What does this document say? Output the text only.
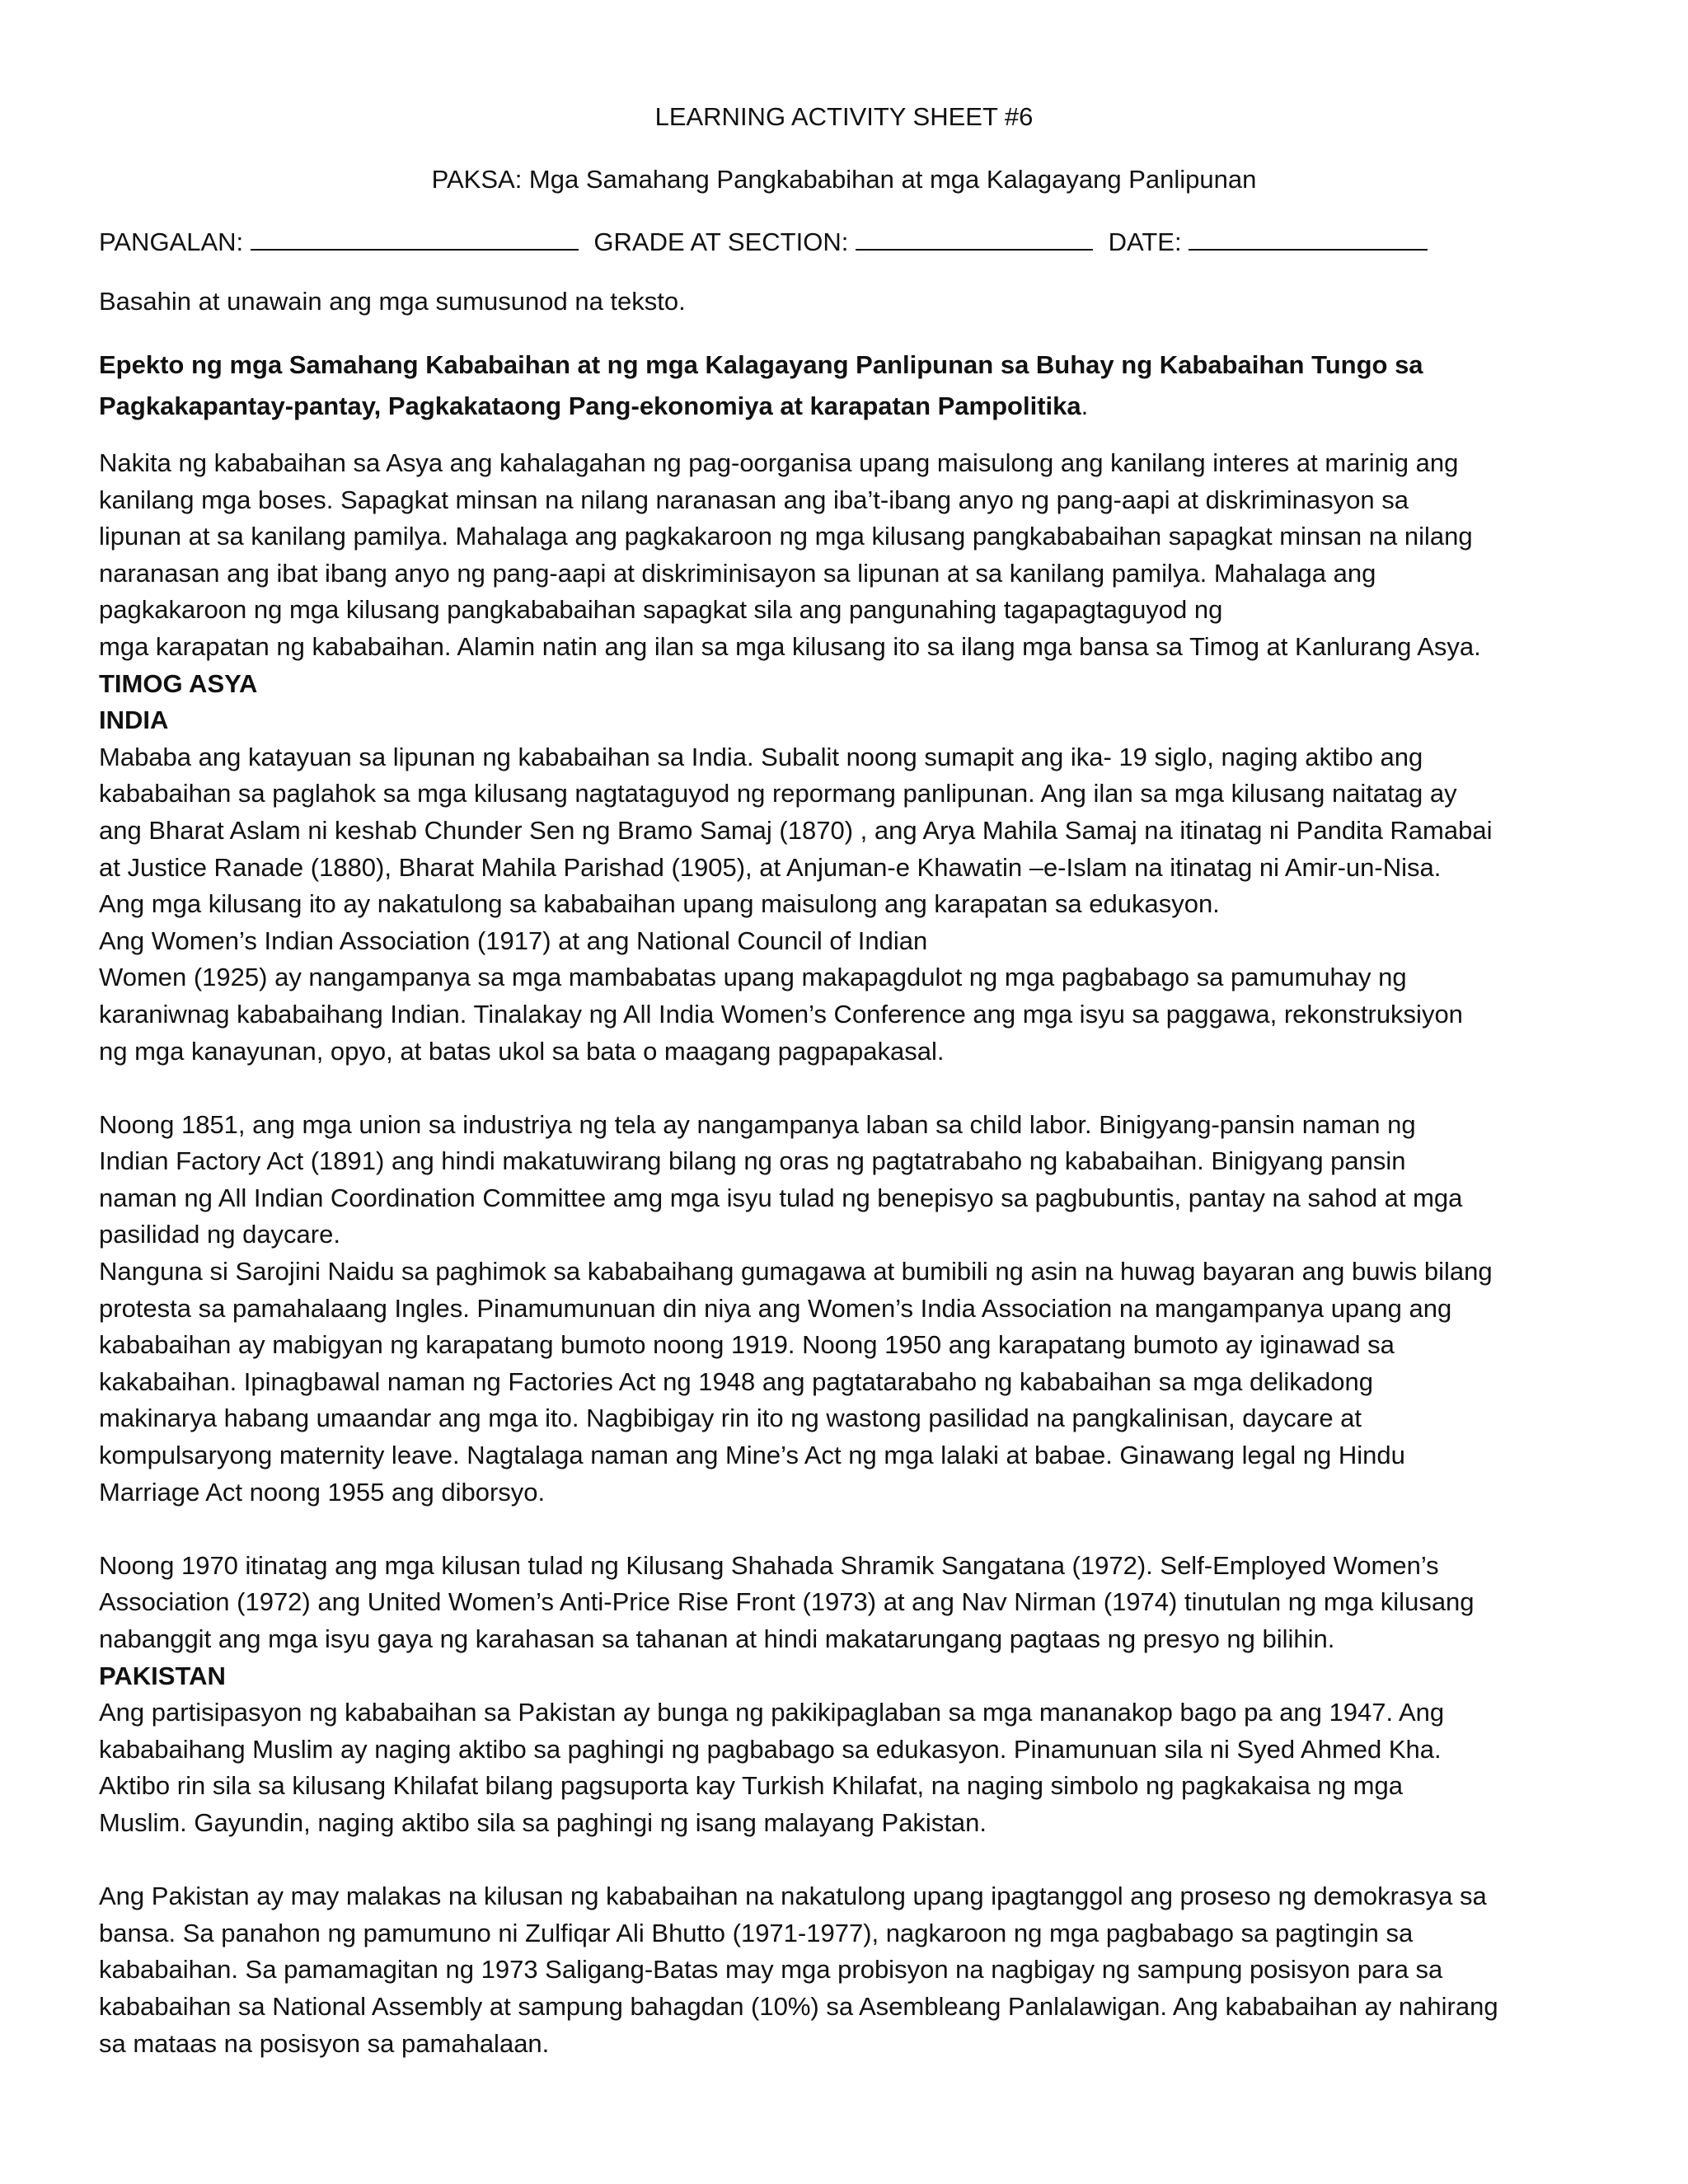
LEARNING ACTIVITY SHEET #6
PAKSA: Mga Samahang Pangkababihan at mga Kalagayang Panlipunan
PANGALAN:	GRADE AT SECTION:	DATE:
Basahin at unawain ang mga sumusunod na teksto.
Epekto ng mga Samahang Kababaihan at ng mga Kalagayang Panlipunan sa Buhay ng Kababaihan Tungo sa Pagkakapantay-pantay, Pagkakataong Pang-ekonomiya at karapatan Pampolitika.

Nakita ng kababaihan sa Asya ang kahalagahan ng pag-oorganisa upang maisulong ang kanilang interes at marinig ang

kanilang mga boses. Sapagkat minsan na nilang naranasan ang iba’t-ibang anyo ng pang-aapi at diskriminasyon sa

lipunan at sa kanilang pamilya. Mahalaga ang pagkakaroon ng mga kilusang pangkababaihan sapagkat minsan na nilang

naranasan ang ibat ibang anyo ng pang-aapi at diskriminisayon sa lipunan at sa kanilang pamilya. Mahalaga ang

pagkakaroon ng mga kilusang pangkababaihan sapagkat sila ang pangunahing tagapagtaguyod ng

mga karapatan ng kababaihan. Alamin natin ang ilan sa mga kilusang ito sa ilang mga bansa sa Timog at Kanlurang Asya.

TIMOG ASYA

INDIA

Mababa ang katayuan sa lipunan ng kababaihan sa India. Subalit noong sumapit ang ika- 19 siglo, naging aktibo ang

kababaihan sa paglahok sa mga kilusang nagtataguyod ng repormang panlipunan. Ang ilan sa mga kilusang naitatag ay

ang Bharat Aslam ni keshab Chunder Sen ng Bramo Samaj (1870) , ang Arya Mahila Samaj na itinatag ni Pandita Ramabai

at Justice Ranade (1880), Bharat Mahila Parishad (1905), at Anjuman-e Khawatin –e-Islam na itinatag ni Amir-un-Nisa.

Ang mga kilusang ito ay nakatulong sa kababaihan upang maisulong ang karapatan sa edukasyon.

Ang Women’s Indian Association (1917) at ang National Council of Indian

Women (1925) ay nangampanya sa mga mambabatas upang makapagdulot ng mga pagbabago sa pamumuhay ng

karaniwnag kababaihang Indian. Tinalakay ng All India Women’s Conference ang mga isyu sa paggawa, rekonstruksiyon

ng mga kanayunan, opyo, at batas ukol sa bata o maagang pagpapakasal.

Noong 1851, ang mga union sa industriya ng tela ay nangampanya laban sa child labor. Binigyang-pansin naman ng

Indian Factory Act (1891) ang hindi makatuwirang bilang ng oras ng pagtatrabaho ng kababaihan. Binigyang pansin

naman ng All Indian Coordination Committee amg mga isyu tulad ng benepisyo sa pagbubuntis, pantay na sahod at mga

pasilidad ng daycare.

Nanguna si Sarojini Naidu sa paghimok sa kababaihang gumagawa at bumibili ng asin na huwag bayaran ang buwis bilang

protesta sa pamahalaang Ingles. Pinamumunuan din niya ang Women’s India Association na mangampanya upang ang

kababaihan ay mabigyan ng karapatang bumoto noong 1919. Noong 1950 ang karapatang bumoto ay iginawad sa

kakabaihan. Ipinagbawal naman ng Factories Act ng 1948 ang pagtatarabaho ng kababaihan sa mga delikadong

makinarya habang umaandar ang mga ito. Nagbibigay rin ito ng wastong pasilidad na pangkalinisan, daycare at

kompulsaryong maternity leave. Nagtalaga naman ang Mine’s Act ng mga lalaki at babae. Ginawang legal ng Hindu

Marriage Act noong 1955 ang diborsyo.

Noong 1970 itinatag ang mga kilusan tulad ng Kilusang Shahada Shramik Sangatana (1972). Self-Employed Women’s

Association (1972) ang United Women’s Anti-Price Rise Front (1973) at ang Nav Nirman (1974) tinutulan ng mga kilusang

nabanggit ang mga isyu gaya ng karahasan sa tahanan at hindi makatarungang pagtaas ng presyo ng bilihin.

PAKISTAN

Ang partisipasyon ng kababaihan sa Pakistan ay bunga ng pakikipaglaban sa mga mananakop bago pa ang 1947. Ang

kababaihang Muslim ay naging aktibo sa paghingi ng pagbabago sa edukasyon. Pinamunuan sila ni Syed Ahmed Kha.

Aktibo rin sila sa kilusang Khilafat bilang pagsuporta kay Turkish Khilafat, na naging simbolo ng pagkakaisa ng mga

Muslim. Gayundin, naging aktibo sila sa paghingi ng isang malayang Pakistan.

Ang Pakistan ay may malakas na kilusan ng kababaihan na nakatulong upang ipagtanggol ang proseso ng demokrasya sa

bansa. Sa panahon ng pamumuno ni Zulfiqar Ali Bhutto (1971-1977), nagkaroon ng mga pagbabago sa pagtingin sa

kababaihan. Sa pamamagitan ng 1973 Saligang-Batas may mga probisyon na nagbigay ng sampung posisyon para sa

kababaihan sa National Assembly at sampung bahagdan (10%) sa Asembleang Panlalawigan. Ang kababaihan ay nahirang

sa mataas na posisyon sa pamahalaan.
